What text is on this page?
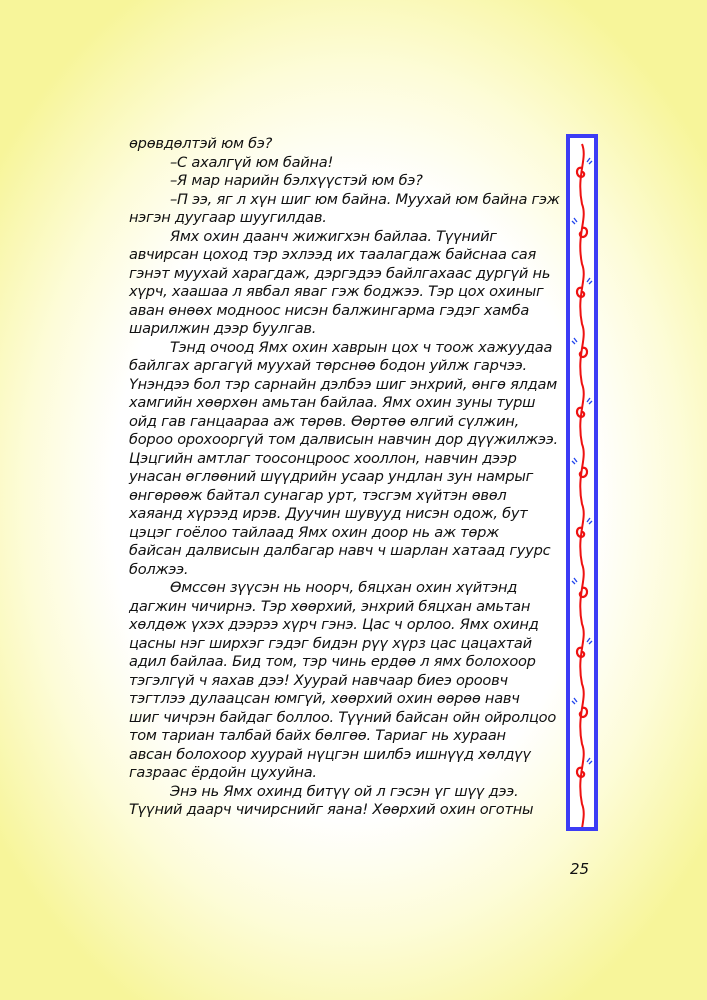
өрөвдөлтэй юм бэ?
–С ахалгүй юм байна!
–Я мар нарийн бэлхүүстэй юм бэ?
–П ээ, яг л хүн шиг юм байна. Муухай юм байна гэж
нэгэн дуугаар шуугилдав.
Ямх охин даанч жижигхэн байлаа. Түүнийг
авчирсан цоход тэр эхлээд их таалагдаж байснаа сая
гэнэт муухай харагдаж, дэргэдээ байлгахаас дургүй нь
хүрч, хаашаа л явбал яваг гэж боджээ. Тэр цох охиныг
аван өнөөх модноос нисэн балжингарма гэдэг хамба
шарилжин дээр буулгав.
Тэнд очоод Ямх охин хаврын цох ч тоож хажуудаа
байлгах аргагүй муухай төрснөө бодон уйлж гарчээ.
Үнэндээ бол тэр сарнайн дэлбээ шиг энхрий, өнгө ялдам
хамгийн хөөрхөн амьтан байлаа. Ямх охин зуны турш
ойд гав ганцаараа аж төрөв. Өөртөө өлгий сүлжин,
бороо орохооргүй том далвисын навчин дор дүүжилжээ.
Цэцгийн амтлаг тоосонцроос хооллон, навчин дээр
унасан өглөөний шүүдрийн усаар ундлан зун намрыг
өнгөрөөж байтал сунагар урт, тэсгэм хүйтэн өвөл
хаяанд хүрээд ирэв. Дуучин шувууд нисэн одож, бут
цэцэг гоёлоо тайлаад Ямх охин доор нь аж төрж
байсан далвисын далбагар навч ч шарлан хатаад гуурс
болжээ.
Өмссөн зүүсэн нь ноорч, бяцхан охин хүйтэнд
дагжин чичирнэ. Тэр хөөрхий, энхрий бяцхан амьтан
хөлдөж үхэх дээрээ хүрч гэнэ. Цас ч орлоо. Ямх охинд
цасны нэг ширхэг гэдэг бидэн рүү хүрз цас цацахтай
адил байлаа. Бид том, тэр чинь ердөө л ямх болохоор
тэгэлгүй ч яахав дээ! Хуурай навчаар биеэ ороовч
тэгтлээ дулаацсан юмгүй, хөөрхий охин өөрөө навч
шиг чичрэн байдаг боллоо. Түүний байсан ойн ойролцоо
том тариан талбай байх бөлгөө. Тариаг нь хураан
авсан болохоор хуурай нүцгэн шилбэ ишнүүд хөлдүү
газраас ёрдойн цухуйна.
Энэ нь Ямх охинд битүү ой л гэсэн үг шүү дээ.
Түүний даарч чичирснийг яана! Хөөрхий охин оготны
25
